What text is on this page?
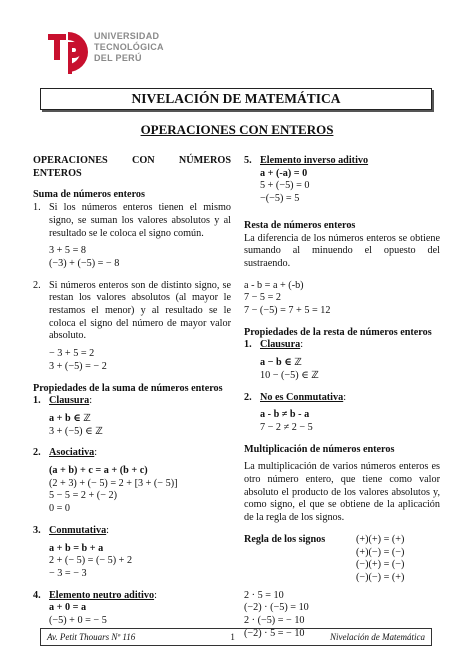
UNIVERSIDAD
TECNOLÓGICA
DEL PERÚ
NIVELACIÓN DE MATEMÁTICA
OPERACIONES CON ENTEROS
OPERACIONES CON NÚMEROS ENTEROS
Suma de números enteros
1. Si los números enteros tienen el mismo signo, se suman los valores absolutos y al resultado se le coloca el signo común.
3 + 5 = 8
(−3) + (−5) = − 8
2. Si números enteros son de distinto signo, se restan los valores absolutos (al mayor le restamos el menor) y al resultado se le coloca el signo del número de mayor valor absoluto.
− 3 + 5 = 2
3 + (−5) = − 2
Propiedades de la suma de números enteros
1. Clausura:
a + b ∈ ℤ
3 + (−5) ∈ ℤ
2. Asociativa:
(a + b) + c = a + (b + c)
(2 + 3) + (− 5) = 2 + [3 + (− 5)]
5 − 5 = 2 + (− 2)
0 = 0
3. Conmutativa:
a + b = b + a
2 + (− 5) = (− 5) + 2
− 3 = − 3
4. Elemento neutro aditivo:
a + 0 = a
(−5) + 0 = − 5
5. Elemento inverso aditivo
a + (-a) = 0
5 + (−5) = 0
−(−5) = 5
Resta de números enteros
La diferencia de los números enteros se obtiene sumando al minuendo el opuesto del sustraendo.
a - b = a + (-b)
7 − 5 = 2
7 − (−5) = 7 + 5 = 12
Propiedades de la resta de números enteros
1. Clausura:
a − b ∈ ℤ
10 − (−5) ∈ ℤ
2. No es Conmutativa:
a - b ≠ b - a
7 − 2 ≠ 2 − 5
Multiplicación de números enteros
La multiplicación de varios números enteros es otro número entero, que tiene como valor absoluto el producto de los valores absolutos y, como signo, el que se obtiene de la aplicación de la regla de los signos.
Regla de los signos	(+)(+) = (+)
(+)(−) = (−)
(−)(+) = (−)
(−)(−) = (+)
2 · 5 = 10
(−2) · (−5) = 10
2 · (−5) = − 10
(−2) · 5 = − 10
Av. Petit Thouars Nº 116	1	Nivelación de Matemática
